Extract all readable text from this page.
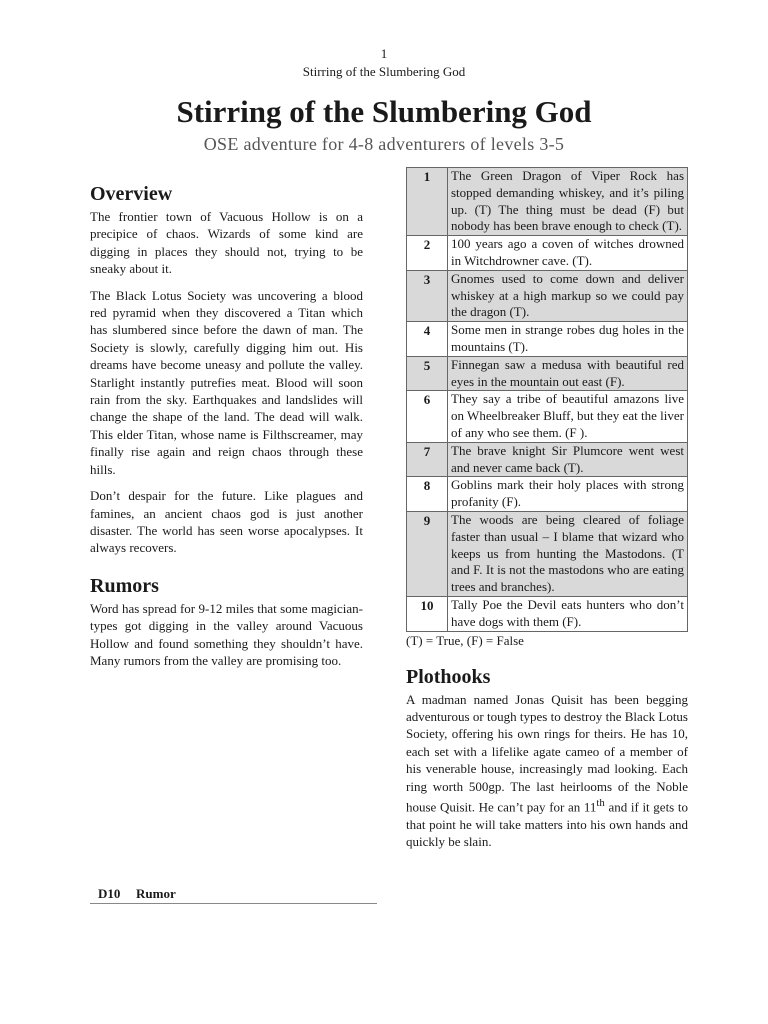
1
Stirring of the Slumbering God
Stirring of the Slumbering God
OSE adventure for 4-8 adventurers of levels 3-5
Overview

The frontier town of Vacuous Hollow is on a precipice of chaos. Wizards of some kind are digging in places they should not, trying to be sneaky about it.

The Black Lotus Society was uncovering a blood red pyramid when they discovered a Titan which has slumbered since before the dawn of man. The Society is slowly, carefully digging him out. His dreams have become uneasy and pollute the valley. Starlight instantly putrefies meat. Blood will soon rain from the sky. Earthquakes and landslides will change the shape of the land. The dead will walk. This elder Titan, whose name is Filthscreamer, may finally rise again and reign chaos through these hills.

Don’t despair for the future. Like plagues and famines, an ancient chaos god is just another disaster. The world has seen worse apocalypses. It always recovers.

Rumors

Word has spread for 9-12 miles that some magician-types got digging in the valley around Vacuous Hollow and found something they shouldn’t have. Many rumors from the valley are promising too.

D10 Rumor
1	The Green Dragon of Viper Rock has stopped demanding whiskey, and it’s piling up. (T) The thing must be dead (F) but nobody has been brave enough to check (T).
2	100 years ago a coven of witches drowned in Witchdrowner cave. (T).
3	Gnomes used to come down and deliver whiskey at a high markup so we could pay the dragon (T).
4	Some men in strange robes dug holes in the mountains (T).
5	Finnegan saw a medusa with beautiful red eyes in the mountain out east (F).
6	They say a tribe of beautiful amazons live on Wheelbreaker Bluff, but they eat the liver of any who see them. (F ).
7	The brave knight Sir Plumcore went west and never came back (T).
8	Goblins mark their holy places with strong profanity (F).
9	The woods are being cleared of foliage faster than usual – I blame that wizard who keeps us from hunting the Mastodons. (T and F. It is not the mastodons who are eating trees and branches).
10	Tally Poe the Devil eats hunters who don’t have dogs with them (F).
(T) = True, (F) = False
Plothooks

A madman named Jonas Quisit has been begging adventurous or tough types to destroy the Black Lotus Society, offering his own rings for theirs. He has 10, each set with a lifelike agate cameo of a member of his venerable house, increasingly mad looking. Each ring worth 500gp. The last heirlooms of the Noble house Quisit. He can’t pay for an 11th and if it gets to that point he will take matters into his own hands and quickly be slain.
